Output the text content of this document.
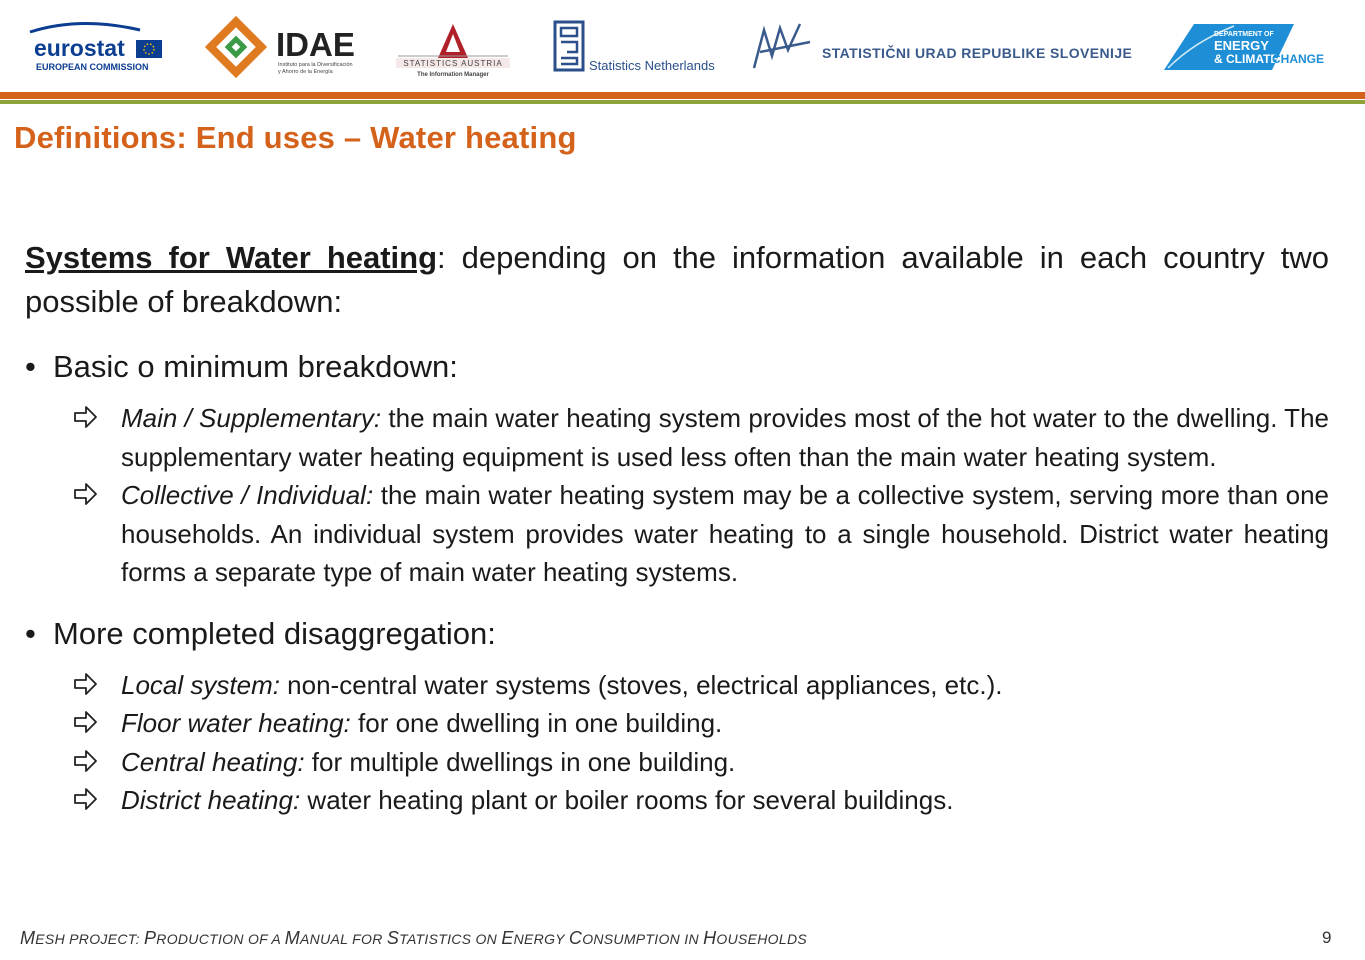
eurostat
EUROPEAN COMMISSION
IDAE
Instituto para la Diversificación
y Ahorro de la Energía
STATISTICS AUSTRIA
The Information Manager
Statistics Netherlands
STATISTIČNI URAD REPUBLIKE SLOVENIJE
DEPARTMENT OF
ENERGY
& CLIMATE
CHANGE
Definitions: End uses – Water heating

Systems for Water heating: depending on the information available in each country two possible of breakdown:

• Basic o minimum breakdown:
Main / Supplementary: the main water heating system provides most of the hot water to the dwelling. The supplementary water heating equipment is used less often than the main water heating system.
Collective / Individual: the main water heating system may be a collective system, serving more than one households. An individual system provides water heating to a single household. District water heating forms a separate type of main water heating systems.
• More completed disaggregation:
Local system: non-central water systems (stoves, electrical appliances, etc.).
Floor water heating: for one dwelling in one building.
Central heating: for multiple dwellings in one building.
District heating: water heating plant or boiler rooms for several buildings.
MESH PROJECT: PRODUCTION OF A MANUAL FOR STATISTICS ON ENERGY CONSUMPTION IN HOUSEHOLDS	9
